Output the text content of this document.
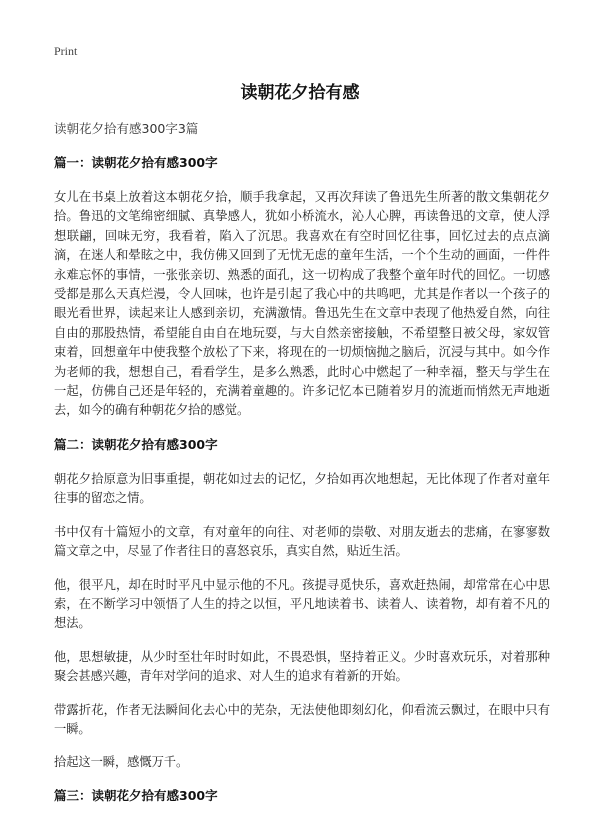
Print
读朝花夕拾有感

读朝花夕拾有感300字3篇

篇一：读朝花夕拾有感300字

女儿在书桌上放着这本朝花夕拾，顺手我拿起，又再次拜读了鲁迅先生所著的散文集朝花夕拾。鲁迅的文笔绵密细腻、真挚感人，犹如小桥流水，沁人心脾，再读鲁迅的文章，使人浮想联翩，回味无穷，我看着，陷入了沉思。我喜欢在有空时回忆往事，回忆过去的点点滴滴，在迷人和晕眩之中，我仿佛又回到了无忧无虑的童年生活，一个个生动的画面，一件件永难忘怀的事情，一张张亲切、熟悉的面孔，这一切构成了我整个童年时代的回忆。一切感受都是那么天真烂漫，令人回味，也许是引起了我心中的共鸣吧，尤其是作者以一个孩子的眼光看世界，读起来让人感到亲切，充满激情。鲁迅先生在文章中表现了他热爱自然，向往自由的那股热情，希望能自由自在地玩耍，与大自然亲密接触，不希望整日被父母，家奴管束着，回想童年中使我整个放松了下来，将现在的一切烦恼抛之脑后，沉浸与其中。如今作为老师的我，想想自己，看看学生，是多么熟悉，此时心中燃起了一种幸福，整天与学生在一起，仿佛自己还是年轻的，充满着童趣的。许多记忆本已随着岁月的流逝而悄然无声地逝去，如今的确有种朝花夕拾的感觉。

篇二：读朝花夕拾有感300字

朝花夕拾原意为旧事重提，朝花如过去的记忆，夕拾如再次地想起，无比体现了作者对童年往事的留恋之情。

书中仅有十篇短小的文章，有对童年的向往、对老师的崇敬、对朋友逝去的悲痛，在寥寥数篇文章之中，尽显了作者往日的喜怒哀乐，真实自然，贴近生活。

他，很平凡，却在时时平凡中显示他的不凡。孩提寻觅快乐，喜欢赶热闹，却常常在心中思索，在不断学习中领悟了人生的持之以恒，平凡地读着书、读着人、读着物，却有着不凡的想法。

他，思想敏捷，从少时至壮年时时如此，不畏恐惧，坚持着正义。少时喜欢玩乐，对着那种聚会甚感兴趣，青年对学问的追求、对人生的追求有着新的开始。

带露折花，作者无法瞬间化去心中的芜杂，无法使他即刻幻化，仰看流云飘过，在眼中只有一瞬。

拾起这一瞬，感慨万千。

篇三：读朝花夕拾有感300字
